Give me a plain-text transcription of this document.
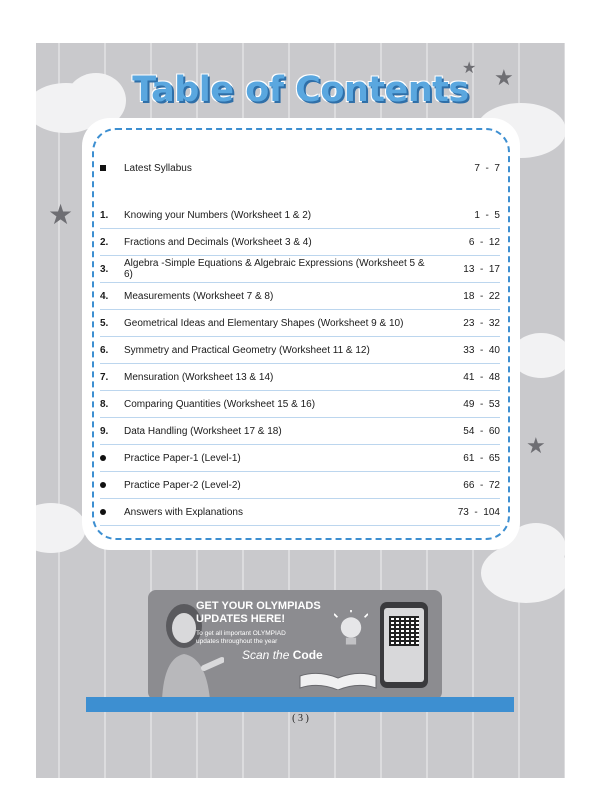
★ ★
★
★
Table of Contents
Latest Syllabus	7  -  7
1.	Knowing your Numbers (Worksheet 1 & 2)	1  -  5
2.	Fractions and Decimals (Worksheet 3 & 4)	6  -  12
3.	Algebra -Simple Equations & Algebraic Expressions (Worksheet 5 & 6)	13  -  17
4.	Measurements (Worksheet 7 & 8)	18  -  22
5.	Geometrical Ideas and Elementary Shapes (Worksheet 9 & 10)	23  -  32
6.	Symmetry and Practical Geometry (Worksheet 11 & 12)	33  -  40
7.	Mensuration (Worksheet 13 & 14)	41  -  48
8.	Comparing Quantities (Worksheet 15 & 16)	49  -  53
9.	Data Handling (Worksheet 17 & 18)	54  -  60
Practice Paper-1 (Level-1)	61  -  65
Practice Paper-2 (Level-2)	66  -  72
Answers with Explanations	73  -  104
GET YOUR OLYMPIADS
UPDATES HERE!
To get all important OLYMPIAD updates throughout the year
Scan the Code
( 3 )
